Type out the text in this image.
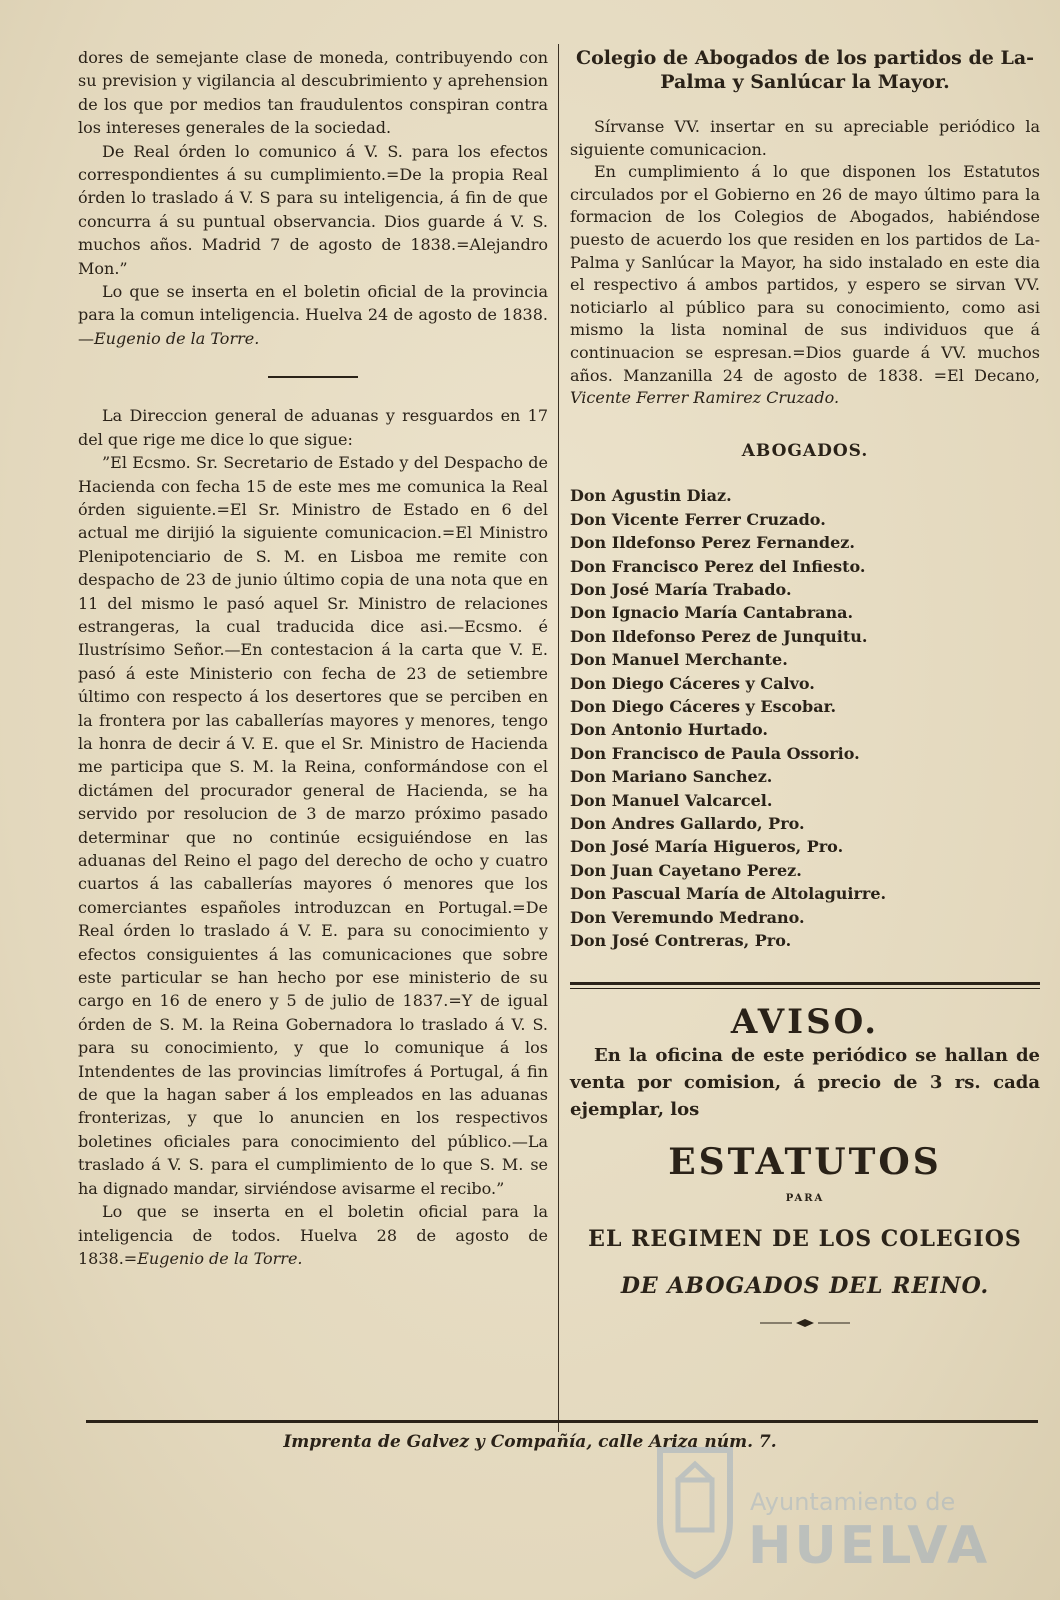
dores de semejante clase de moneda, contribuyendo con su prevision y vigilancia al descubrimiento y aprehension de los que por medios tan fraudulentos conspiran contra los intereses generales de la sociedad.

De Real órden lo comunico á V. S. para los efectos correspondientes á su cumplimiento.=De la propia Real órden lo traslado á V. S para su inteligencia, á fin de que concurra á su puntual observancia. Dios guarde á V. S. muchos años. Madrid 7 de agosto de 1838.=Alejandro Mon.”

Lo que se inserta en el boletin oficial de la provincia para la comun inteligencia. Huelva 24 de agosto de 1838.—Eugenio de la Torre.

La Direccion general de aduanas y resguardos en 17 del que rige me dice lo que sigue:

”El Ecsmo. Sr. Secretario de Estado y del Despacho de Hacienda con fecha 15 de este mes me comunica la Real órden siguiente.=El Sr. Ministro de Estado en 6 del actual me dirijió la siguiente comunicacion.=El Ministro Plenipotenciario de S. M. en Lisboa me remite con despacho de 23 de junio último copia de una nota que en 11 del mismo le pasó aquel Sr. Ministro de relaciones estrangeras, la cual traducida dice asi.—Ecsmo. é Ilustrísimo Señor.—En contestacion á la carta que V. E. pasó á este Ministerio con fecha de 23 de setiembre último con respecto á los desertores que se perciben en la frontera por las caballerías mayores y menores, tengo la honra de decir á V. E. que el Sr. Ministro de Hacienda me participa que S. M. la Reina, conformándose con el dictámen del procurador general de Hacienda, se ha servido por resolucion de 3 de marzo próximo pasado determinar que no continúe ecsiguiéndose en las aduanas del Reino el pago del derecho de ocho y cuatro cuartos á las caballerías mayores ó menores que los comerciantes españoles introduzcan en Portugal.=De Real órden lo traslado á V. E. para su conocimiento y efectos consiguientes á las comunicaciones que sobre este particular se han hecho por ese ministerio de su cargo en 16 de enero y 5 de julio de 1837.=Y de igual órden de S. M. la Reina Gobernadora lo traslado á V. S. para su conocimiento, y que lo comunique á los Intendentes de las provincias limítrofes á Portugal, á fin de que la hagan saber á los empleados en las aduanas fronterizas, y que lo anuncien en los respectivos boletines oficiales para conocimiento del público.—La traslado á V. S. para el cumplimiento de lo que S. M. se ha dignado mandar, sirviéndose avisarme el recibo.”

Lo que se inserta en el boletin oficial para la inteligencia de todos. Huelva 28 de agosto de 1838.=Eugenio de la Torre.

Colegio de Abogados de los partidos de La-Palma y Sanlúcar la Mayor.

Sírvanse VV. insertar en su apreciable periódico la siguiente comunicacion.

En cumplimiento á lo que disponen los Estatutos circulados por el Gobierno en 26 de mayo último para la formacion de los Colegios de Abogados, habiéndose puesto de acuerdo los que residen en los partidos de La-Palma y Sanlúcar la Mayor, ha sido instalado en este dia el respectivo á ambos partidos, y espero se sirvan VV. noticiarlo al público para su conocimiento, como asi mismo la lista nominal de sus individuos que á continuacion se espresan.=Dios guarde á VV. muchos años. Manzanilla 24 de agosto de 1838. =El Decano, Vicente Ferrer Ramirez Cruzado.

ABOGADOS.
Don Agustin Diaz.
Don Vicente Ferrer Cruzado.
Don Ildefonso Perez Fernandez.
Don Francisco Perez del Infiesto.
Don José María Trabado.
Don Ignacio María Cantabrana.
Don Ildefonso Perez de Junquitu.
Don Manuel Merchante.
Don Diego Cáceres y Calvo.
Don Diego Cáceres y Escobar.
Don Antonio Hurtado.
Don Francisco de Paula Ossorio.
Don Mariano Sanchez.
Don Manuel Valcarcel.
Don Andres Gallardo, Pro.
Don José María Higueros, Pro.
Don Juan Cayetano Perez.
Don Pascual María de Altolaguirre.
Don Veremundo Medrano.
Don José Contreras, Pro.
AVISO.

En la oficina de este periódico se hallan de venta por comision, á precio de 3 rs. cada ejemplar, los

ESTATUTOS
PARA
EL REGIMEN DE LOS COLEGIOS
DE ABOGADOS DEL REINO.
Imprenta de Galvez y Compañía, calle Ariza núm. 7.
Ayuntamiento de
HUELVA
